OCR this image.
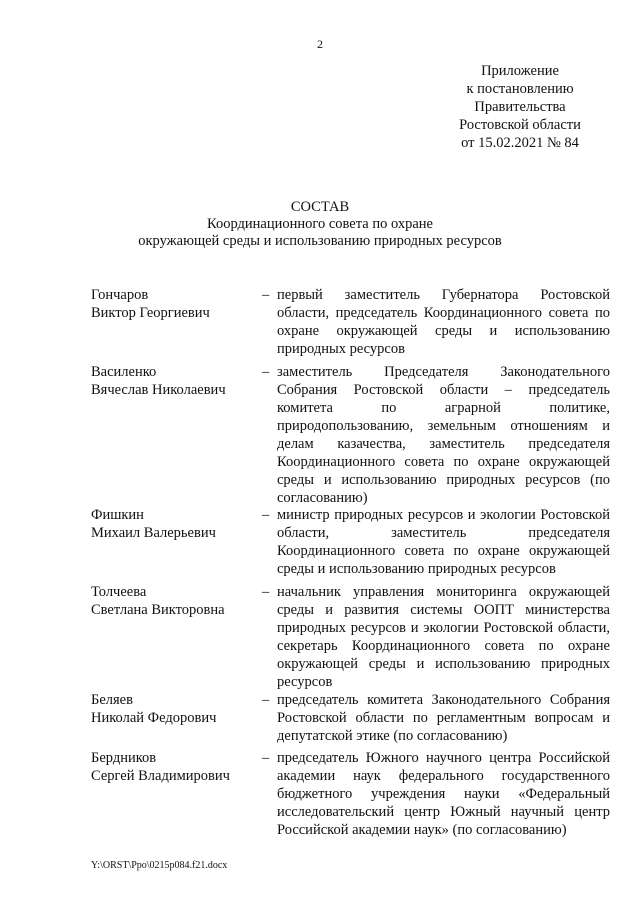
2
Приложение
к постановлению
Правительства
Ростовской области
от 15.02.2021 № 84
СОСТАВ
Координационного совета по охране
окружающей среды и использованию природных ресурсов
Гончаров
Виктор Георгиевич
– первый заместитель Губернатора Ростовской области, председатель Координационного совета по охране окружающей среды и использованию природных ресурсов
Василенко
Вячеслав Николаевич
– заместитель Председателя Законодательного Собрания Ростовской области – председатель комитета по аграрной политике, природопользованию, земельным отношениям и делам казачества, заместитель председателя Координационного совета по охране окружающей среды и использованию природных ресурсов (по согласованию)
Фишкин
Михаил Валерьевич
– министр природных ресурсов и экологии Ростовской области, заместитель председателя Координационного совета по охране окружающей среды и использованию природных ресурсов
Толчеева
Светлана Викторовна
– начальник управления мониторинга окружающей среды и развития системы ООПТ министерства природных ресурсов и экологии Ростовской области, секретарь Координационного совета по охране окружающей среды и использованию природных ресурсов
Беляев
Николай Федорович
– председатель комитета Законодательного Собрания Ростовской области по регламентным вопросам и депутатской этике (по согласованию)
Бердников
Сергей Владимирович
– председатель Южного научного центра Российской академии наук федерального государственного бюджетного учреждения науки «Федеральный исследовательский центр Южный научный центр Российской академии наук» (по согласованию)
Y:\ORST\Ppo\0215p084.f21.docx
